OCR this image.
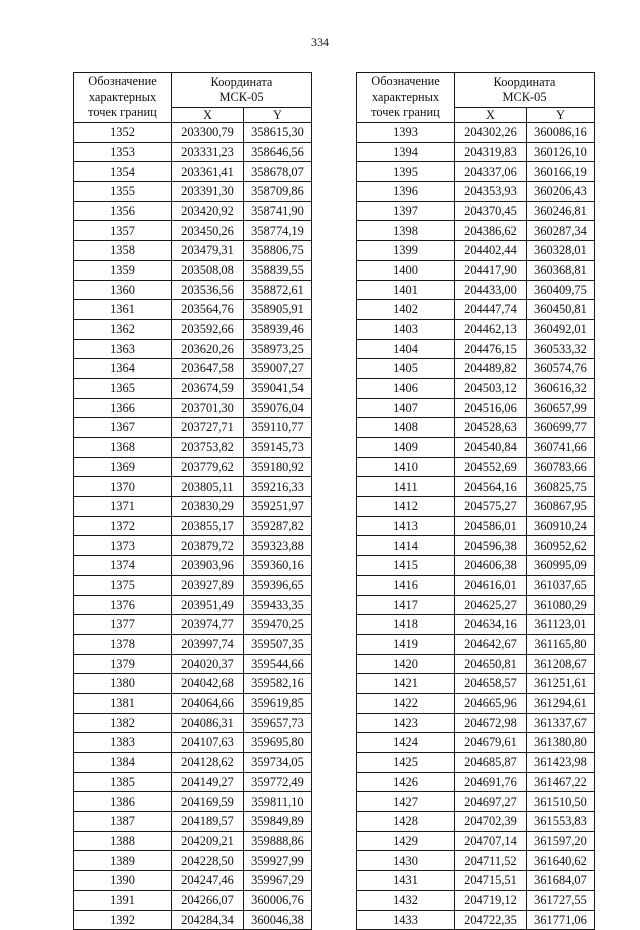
334
Обозначение
характерных
точек границ	Координата
МСК-05	

	X	Y
1352	203300,79	358615,30
1353	203331,23	358646,56
1354	203361,41	358678,07
1355	203391,30	358709,86
1356	203420,92	358741,90
1357	203450,26	358774,19
1358	203479,31	358806,75
1359	203508,08	358839,55
1360	203536,56	358872,61
1361	203564,76	358905,91
1362	203592,66	358939,46
1363	203620,26	358973,25
1364	203647,58	359007,27
1365	203674,59	359041,54
1366	203701,30	359076,04
1367	203727,71	359110,77
1368	203753,82	359145,73
1369	203779,62	359180,92
1370	203805,11	359216,33
1371	203830,29	359251,97
1372	203855,17	359287,82
1373	203879,72	359323,88
1374	203903,96	359360,16
1375	203927,89	359396,65
1376	203951,49	359433,35
1377	203974,77	359470,25
1378	203997,74	359507,35
1379	204020,37	359544,66
1380	204042,68	359582,16
1381	204064,66	359619,85
1382	204086,31	359657,73
1383	204107,63	359695,80
1384	204128,62	359734,05
1385	204149,27	359772,49
1386	204169,59	359811,10
1387	204189,57	359849,89
1388	204209,21	359888,86
1389	204228,50	359927,99
1390	204247,46	359967,29
1391	204266,07	360006,76
1392	204284,34	360046,38
Обозначение
характерных
точек границ	Координата
МСК-05	

	X	Y
1393	204302,26	360086,16
1394	204319,83	360126,10
1395	204337,06	360166,19
1396	204353,93	360206,43
1397	204370,45	360246,81
1398	204386,62	360287,34
1399	204402,44	360328,01
1400	204417,90	360368,81
1401	204433,00	360409,75
1402	204447,74	360450,81
1403	204462,13	360492,01
1404	204476,15	360533,32
1405	204489,82	360574,76
1406	204503,12	360616,32
1407	204516,06	360657,99
1408	204528,63	360699,77
1409	204540,84	360741,66
1410	204552,69	360783,66
1411	204564,16	360825,75
1412	204575,27	360867,95
1413	204586,01	360910,24
1414	204596,38	360952,62
1415	204606,38	360995,09
1416	204616,01	361037,65
1417	204625,27	361080,29
1418	204634,16	361123,01
1419	204642,67	361165,80
1420	204650,81	361208,67
1421	204658,57	361251,61
1422	204665,96	361294,61
1423	204672,98	361337,67
1424	204679,61	361380,80
1425	204685,87	361423,98
1426	204691,76	361467,22
1427	204697,27	361510,50
1428	204702,39	361553,83
1429	204707,14	361597,20
1430	204711,52	361640,62
1431	204715,51	361684,07
1432	204719,12	361727,55
1433	204722,35	361771,06
